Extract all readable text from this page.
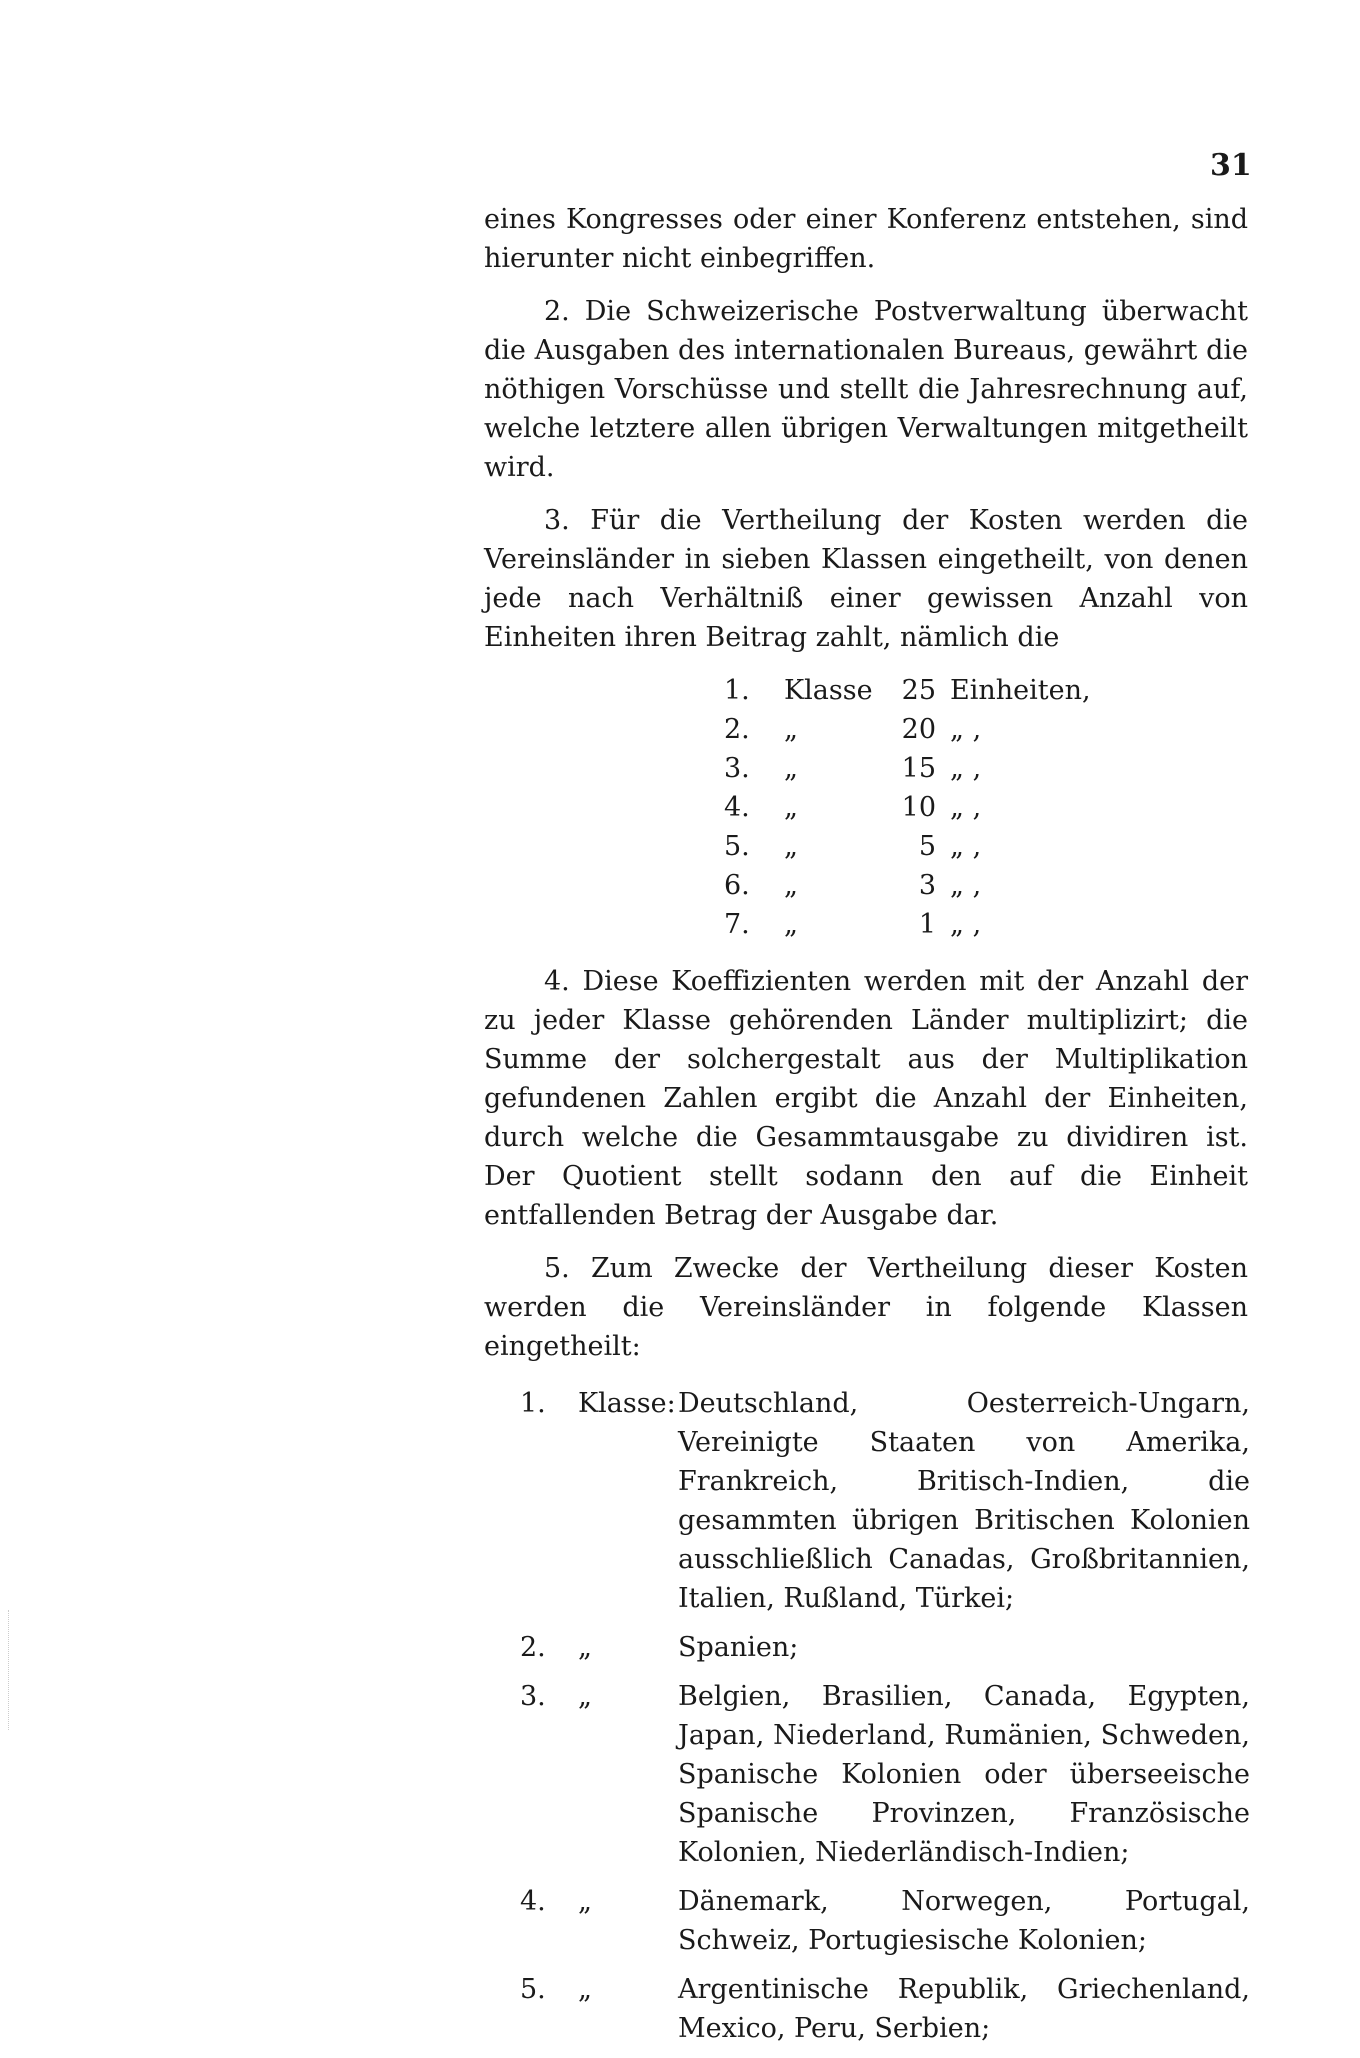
31

eines Kongresses oder einer Konferenz entstehen, sind hierunter nicht einbegriffen.

2. Die Schweizerische Postverwaltung überwacht die Ausgaben des internationalen Bureaus, gewährt die nöthigen Vorschüsse und stellt die Jahresrechnung auf, welche letztere allen übrigen Verwaltungen mitgetheilt wird.

3. Für die Vertheilung der Kosten werden die Vereinsländer in sieben Klassen eingetheilt, von denen jede nach Verhältniß einer gewissen Anzahl von Einheiten ihren Beitrag zahlt, nämlich die

1.	Klasse	25	Einheiten,
2.	„	20	„ ,
3.	„	15	„ ,
4.	„	10	„ ,
5.	„	5	„ ,
6.	„	3	„ ,
7.	„	1	„ ,

4. Diese Koeffizienten werden mit der Anzahl der zu jeder Klasse gehörenden Länder multiplizirt; die Summe der solchergestalt aus der Multiplikation gefundenen Zahlen ergibt die Anzahl der Einheiten, durch welche die Gesammtausgabe zu dividiren ist. Der Quotient stellt sodann den auf die Einheit entfallenden Betrag der Ausgabe dar.

5. Zum Zwecke der Vertheilung dieser Kosten werden die Vereinsländer in folgende Klassen eingetheilt:

1.	Klasse:	Deutschland, Oesterreich-Ungarn, Vereinigte Staaten von Amerika, Frankreich, Britisch-Indien, die gesammten übrigen Britischen Kolonien ausschließlich Canadas, Großbritannien, Italien, Rußland, Türkei;
2.	„	Spanien;
3.	„	Belgien, Brasilien, Canada, Egypten, Japan, Niederland, Rumänien, Schweden, Spanische Kolonien oder überseeische Spanische Provinzen, Französische Kolonien, Niederländisch-Indien;
4.	„	Dänemark, Norwegen, Portugal, Schweiz, Portugiesische Kolonien;
5.	„	Argentinische Republik, Griechenland, Mexico, Peru, Serbien;
